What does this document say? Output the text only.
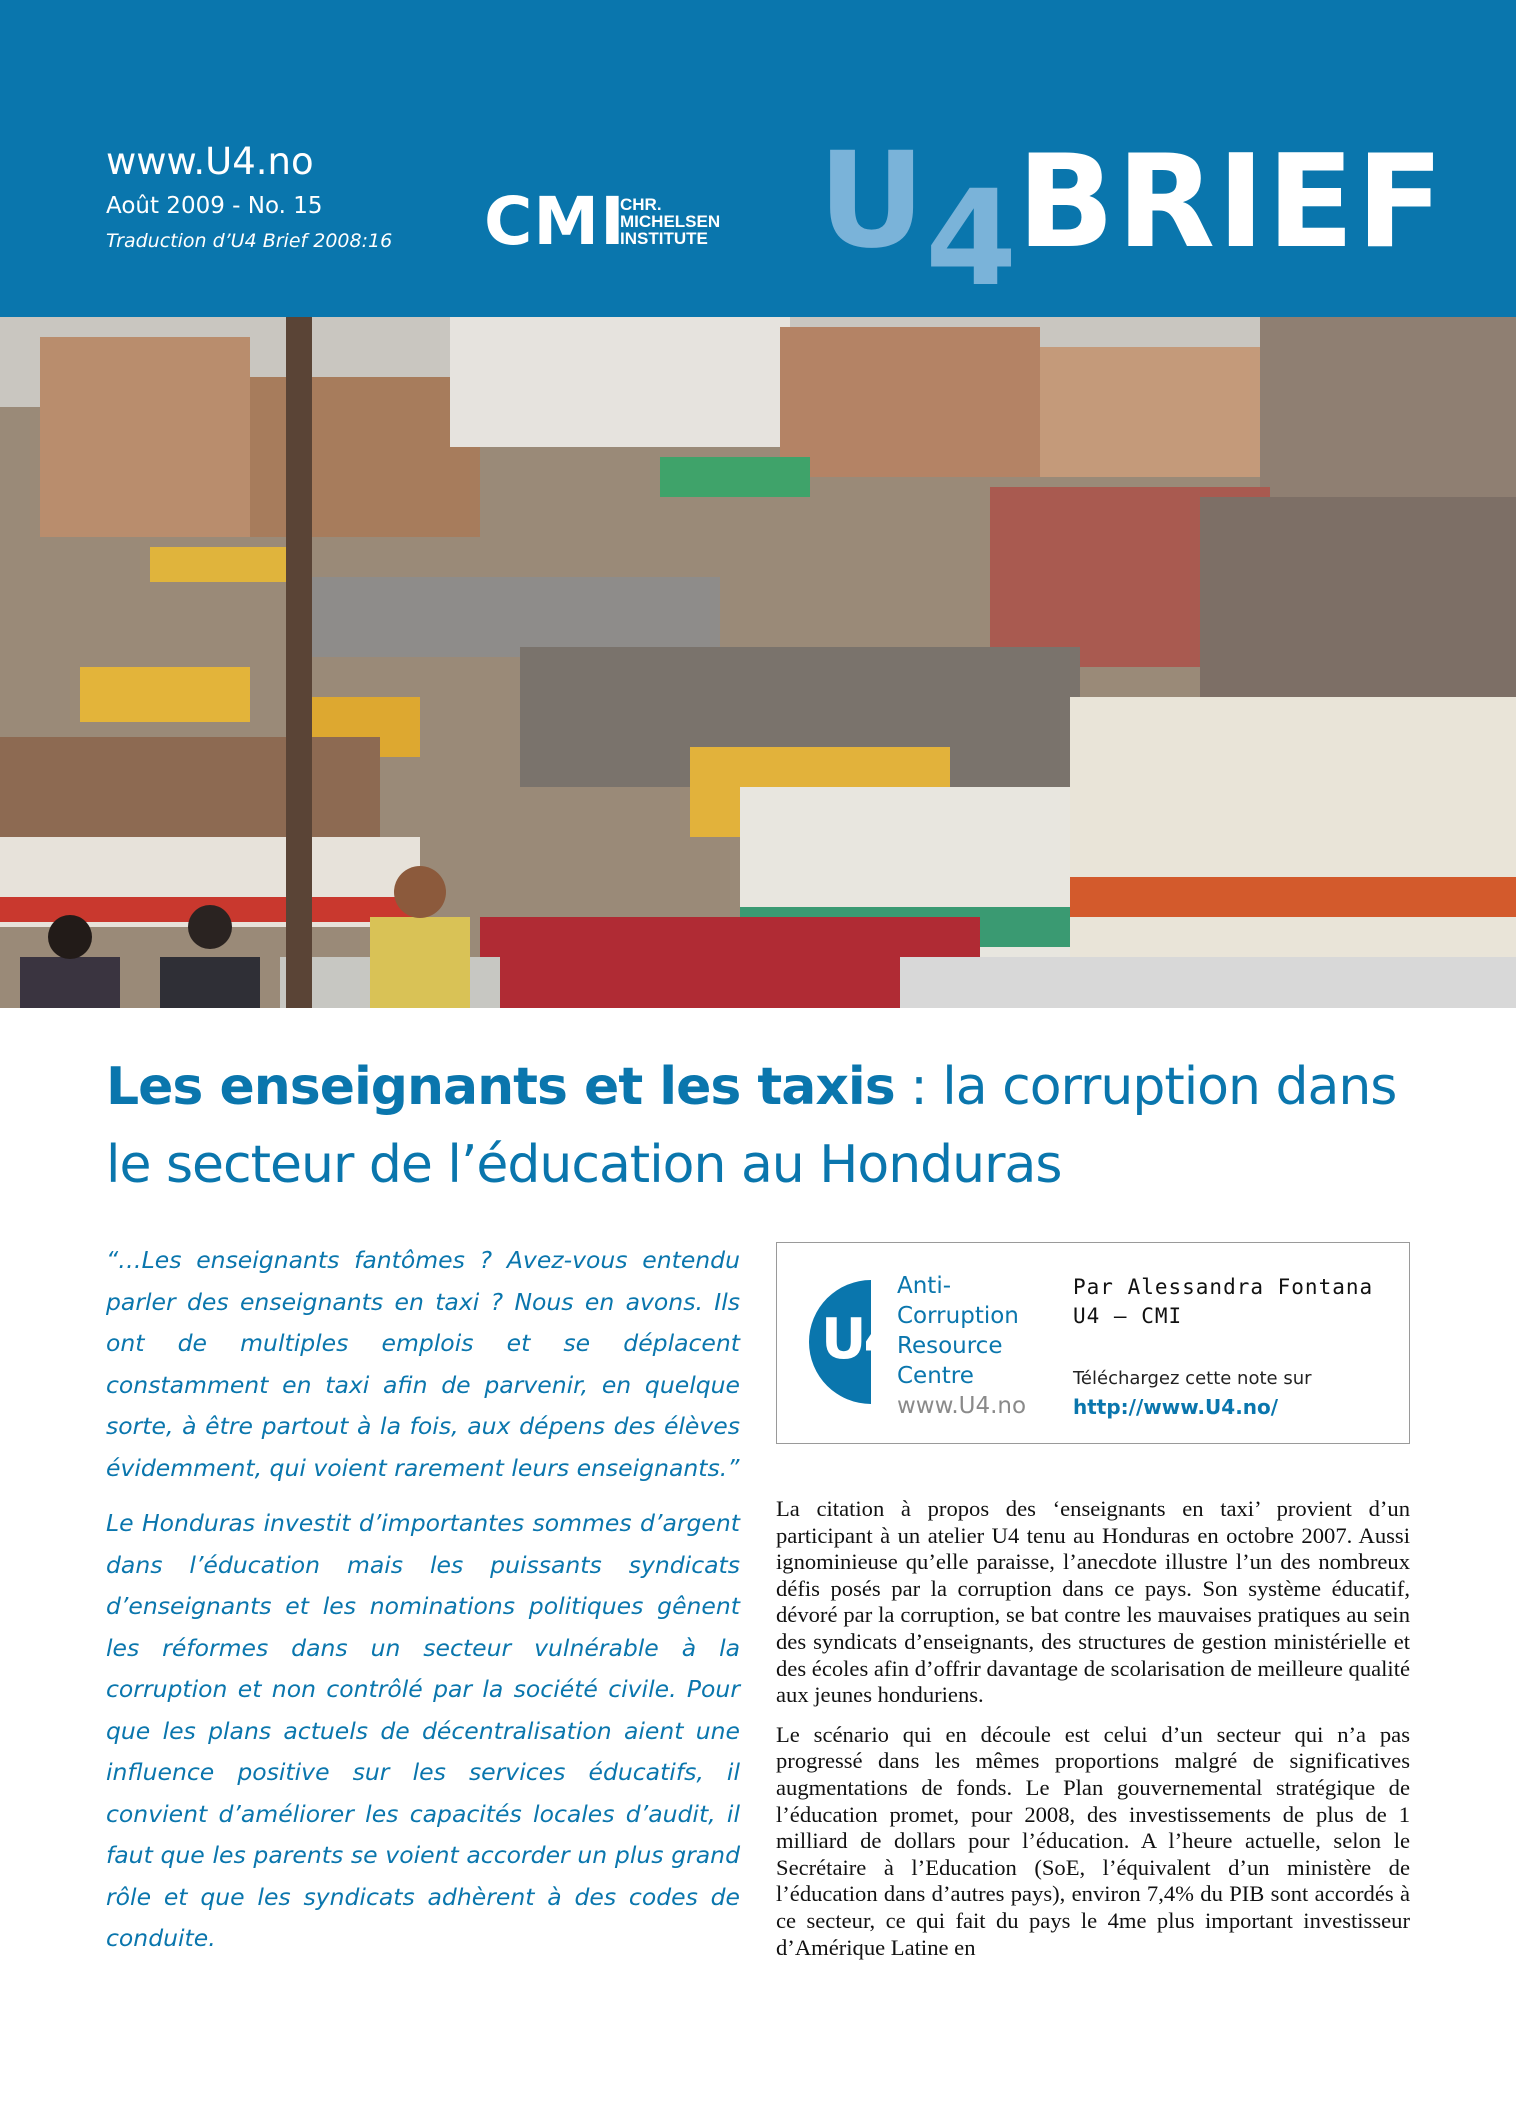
www.U4.no
Août 2009 - No. 15
Traduction d’U4 Brief 2008:16 CMI
CHR.
MICHELSEN
INSTITUTE U4BRIEF
Photo par MacallenBrothers, flickr.com Les enseignants et les taxis : la corruption dans le secteur de l’éducation au Honduras

“…Les enseignants fantômes ? Avez-vous entendu parler des enseignants en taxi ? Nous en avons. Ils ont de multiples emplois et se déplacent constamment en taxi afin de parvenir, en quelque sorte, à être partout à la fois, aux dépens des élèves évidemment, qui voient rarement leurs enseignants.”

Le Honduras investit d’importantes sommes d’argent dans l’éducation mais les puissants syndicats d’enseignants et les nominations politiques gênent les réformes dans un secteur vulnérable à la corruption et non contrôlé par la société civile. Pour que les plans actuels de décentralisation aient une influence positive sur les services éducatifs, il convient d’améliorer les capacités locales d’audit, il faut que les parents se voient accorder un plus grand rôle et que les syndicats adhèrent à des codes de conduite.

U4
Anti-
Corruption
Resource
Centre
www.U4.no
Par Alessandra Fontana
U4 – CMI
Téléchargez cette note sur
http://www.U4.no/

La citation à propos des ‘enseignants en taxi’ provient d’un participant à un atelier U4 tenu au Honduras en octobre 2007. Aussi ignominieuse qu’elle paraisse, l’anecdote illustre l’un des nombreux défis posés par la corruption dans ce pays. Son système éducatif, dévoré par la corruption, se bat contre les mauvaises pratiques au sein des syndicats d’enseignants, des structures de gestion ministérielle et des écoles afin d’offrir davantage de scolarisation de meilleure qualité aux jeunes honduriens.

Le scénario qui en découle est celui d’un secteur qui n’a pas progressé dans les mêmes proportions malgré de significatives augmentations de fonds. Le Plan gouvernemental stratégique de l’éducation promet, pour 2008, des investissements de plus de 1 milliard de dollars pour l’éducation. A l’heure actuelle, selon le Secrétaire à l’Education (SoE, l’équivalent d’un ministère de l’éducation dans d’autres pays), environ 7,4% du PIB sont accordés à ce secteur, ce qui fait du pays le 4me plus important investisseur d’Amérique Latine en
